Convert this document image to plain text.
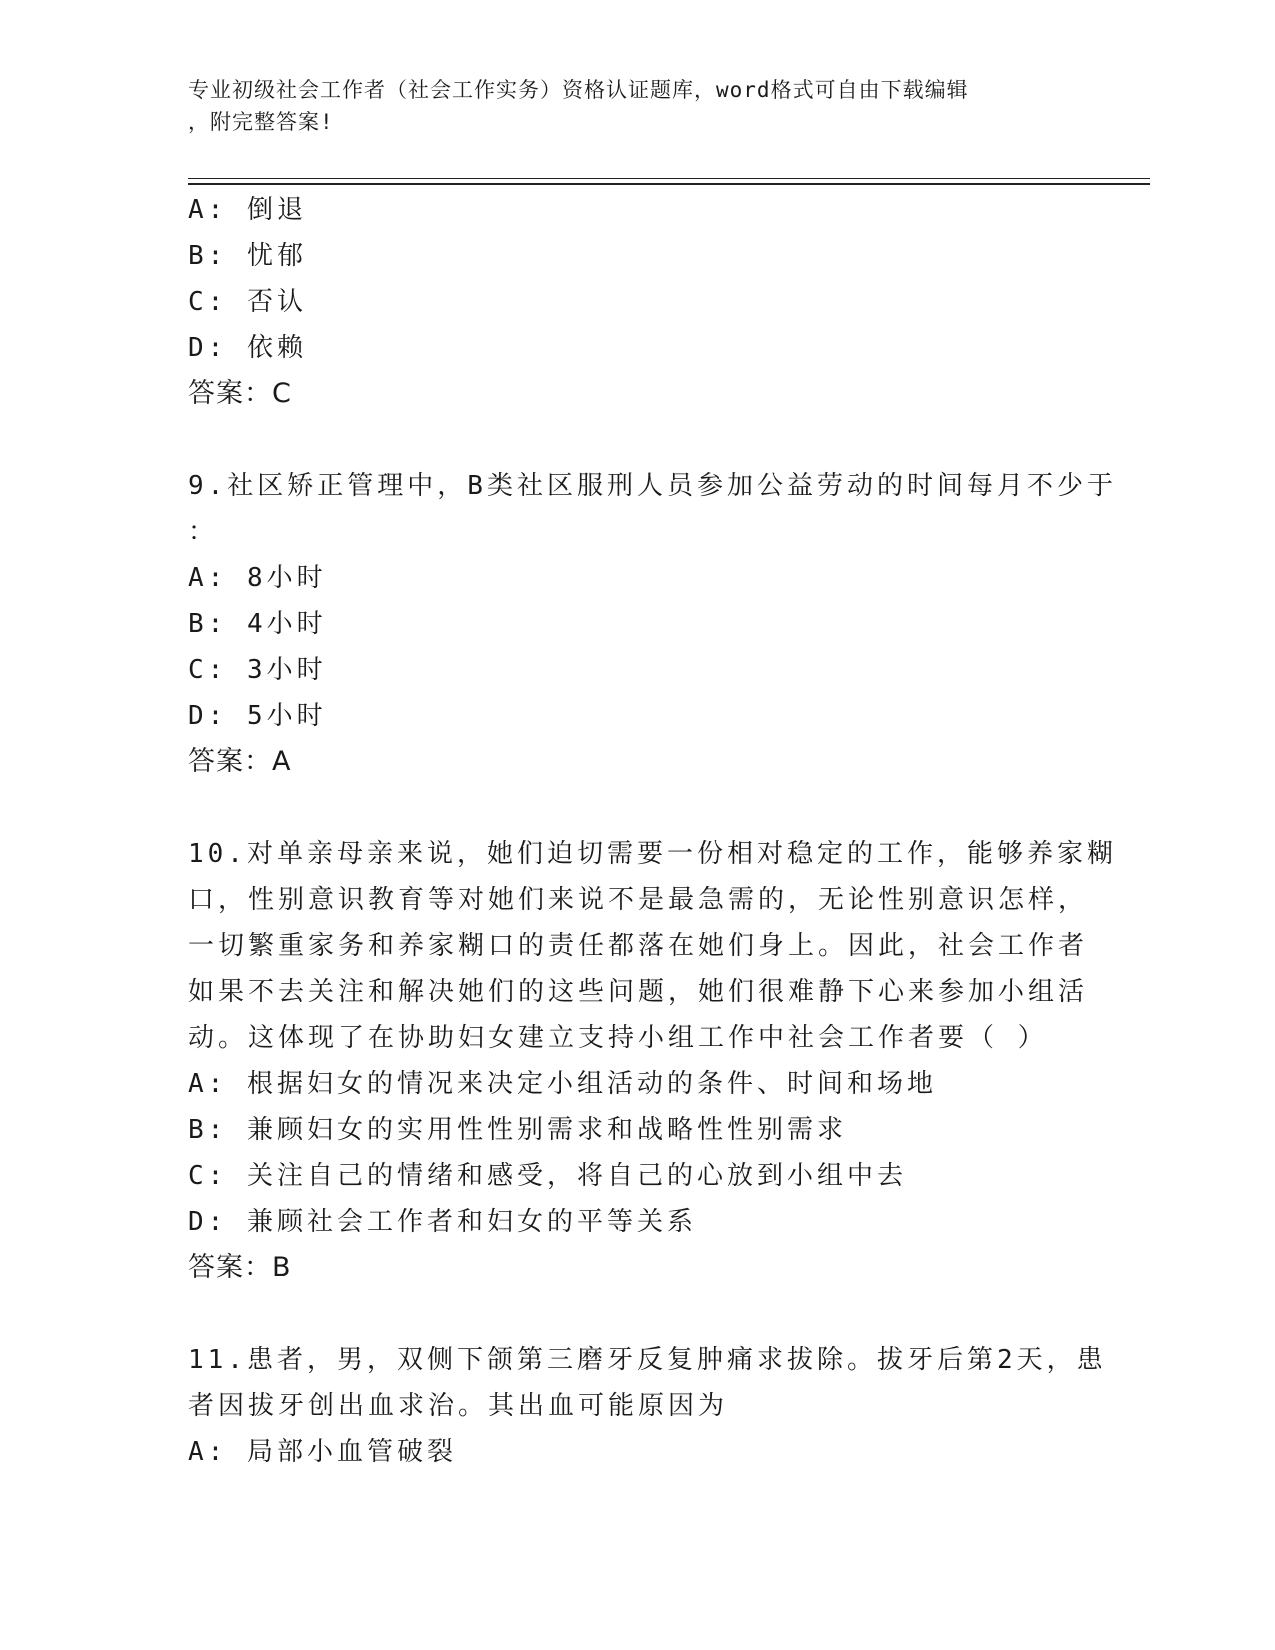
专业初级社会工作者（社会工作实务）资格认证题库，word格式可自由下载编辑
，附完整答案!
A: 倒退
B: 忧郁
C: 否认
D: 依赖
答案：C
9.社区矫正管理中，B类社区服刑人员参加公益劳动的时间每月不少于
：
A: 8小时
B: 4小时
C: 3小时
D: 5小时
答案：A
10.对单亲母亲来说，她们迫切需要一份相对稳定的工作，能够养家糊
口，性别意识教育等对她们来说不是最急需的，无论性别意识怎样，
一切繁重家务和养家糊口的责任都落在她们身上。因此，社会工作者
如果不去关注和解决她们的这些问题，她们很难静下心来参加小组活
动。这体现了在协助妇女建立支持小组工作中社会工作者要（ ）
A: 根据妇女的情况来决定小组活动的条件、时间和场地
B: 兼顾妇女的实用性性别需求和战略性性别需求
C: 关注自己的情绪和感受，将自己的心放到小组中去
D: 兼顾社会工作者和妇女的平等关系
答案：B
11.患者，男，双侧下颌第三磨牙反复肿痛求拔除。拔牙后第2天，患
者因拔牙创出血求治。其出血可能原因为
A: 局部小血管破裂
